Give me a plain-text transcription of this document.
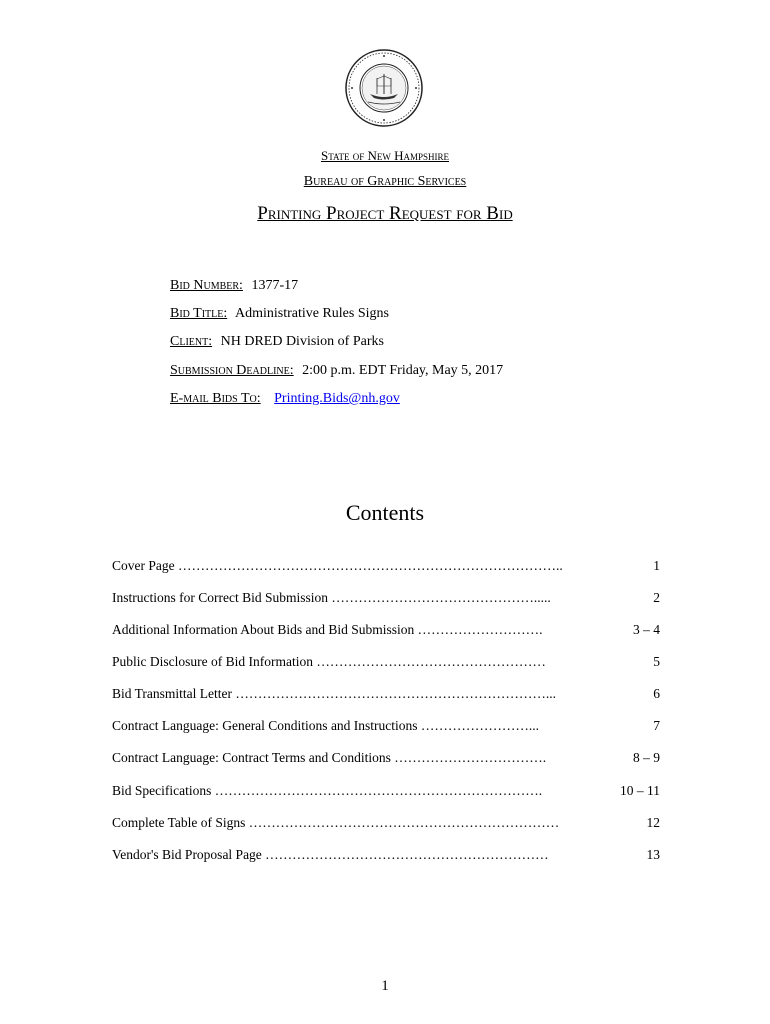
State of New Hampshire
Bureau of Graphic Services
Printing Project Request for Bid
Bid Number: 1377-17
Bid Title: Administrative Rules Signs
Client: NH DRED Division of Parks
Submission Deadline: 2:00 p.m. EDT Friday, May 5, 2017
E-mail Bids To: Printing.Bids@nh.gov
Contents
Cover Page …………………………………………………………………………..	1
Instructions for Correct Bid Submission ……………………………………….....	2
Additional Information About Bids and Bid Submission ……………………….	3 – 4
Public Disclosure of Bid Information ……………………………………………	5
Bid Transmittal Letter ……………………………………………………………...	6
Contract Language: General Conditions and Instructions ……………………...	7
Contract Language: Contract Terms and Conditions …………………………….	8 – 9
Bid Specifications ……………………………………………………………….	10 – 11
Complete Table of Signs ……………………………………………………………	12
Vendor's Bid Proposal Page ………………………………………………………	13
1
